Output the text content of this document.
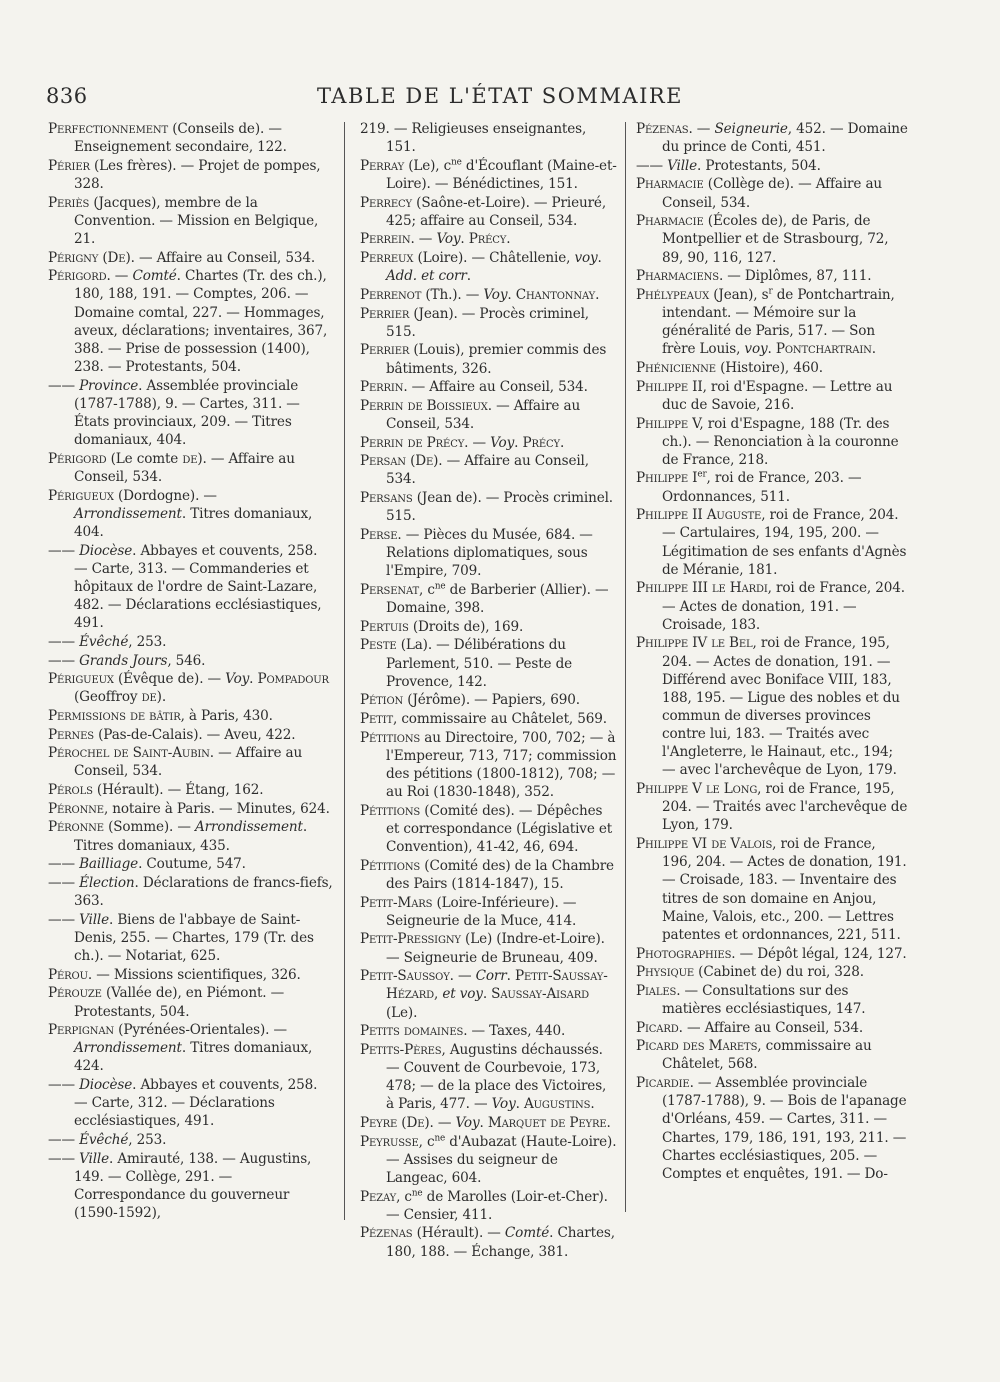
836	TABLE DE L'ÉTAT SOMMAIRE

Perfectionnement (Conseils de). — Enseignement secondaire, 122.

Périer (Les frères). — Projet de pompes, 328.

Periès (Jacques), membre de la Convention. — Mission en Belgique, 21.

Périgny (De). — Affaire au Conseil, 534.

Périgord. — Comté. Chartes (Tr. des ch.), 180, 188, 191. — Comptes, 206. — Domaine comtal, 227. — Hommages, aveux, déclarations; inventaires, 367, 388. — Prise de possession (1400), 238. — Protestants, 504.

—— Province. Assemblée provinciale (1787-1788), 9. — Cartes, 311. — États provinciaux, 209. — Titres domaniaux, 404.

Périgord (Le comte de). — Affaire au Conseil, 534.

Périgueux (Dordogne). — Arrondissement. Titres domaniaux, 404.

—— Diocèse. Abbayes et couvents, 258. — Carte, 313. — Commanderies et hôpitaux de l'ordre de Saint-Lazare, 482. — Déclarations ecclésiastiques, 491.

—— Évêché, 253.

—— Grands Jours, 546.

Périgueux (Évêque de). — Voy. Pompadour (Geoffroy de).

Permissions de bâtir, à Paris, 430.

Pernes (Pas-de-Calais). — Aveu, 422.

Pérochel de Saint-Aubin. — Affaire au Conseil, 534.

Pérols (Hérault). — Étang, 162.

Péronne, notaire à Paris. — Minutes, 624.

Péronne (Somme). — Arrondissement. Titres domaniaux, 435.

—— Bailliage. Coutume, 547.

—— Élection. Déclarations de francs-fiefs, 363.

—— Ville. Biens de l'abbaye de Saint-Denis, 255. — Chartes, 179 (Tr. des ch.). — Notariat, 625.

Pérou. — Missions scientifiques, 326.

Pérouze (Vallée de), en Piémont. — Protestants, 504.

Perpignan (Pyrénées-Orientales). — Arrondissement. Titres domaniaux, 424.

—— Diocèse. Abbayes et couvents, 258. — Carte, 312. — Déclarations ecclésiastiques, 491.

—— Évêché, 253.

—— Ville. Amirauté, 138. — Augustins, 149. — Collège, 291. — Correspondance du gouverneur (1590-1592),

219. — Religieuses enseignantes, 151.

Perray (Le), $c^{ne}$ d'Écouflant (Maine-et-Loire). — Bénédictines, 151.

Perrecy (Saône-et-Loire). — Prieuré, 425; affaire au Conseil, 534.

Perrein. — Voy. Précy.

Perreux (Loire). — Châtellenie, voy. Add. et corr.

Perrenot (Th.). — Voy. Chantonnay.

Perrier (Jean). — Procès criminel, 515.

Perrier (Louis), premier commis des bâtiments, 326.

Perrin. — Affaire au Conseil, 534.

Perrin de Boissieux. — Affaire au Conseil, 534.

Perrin de Précy. — Voy. Précy.

Persan (De). — Affaire au Conseil, 534.

Persans (Jean de). — Procès criminel. 515.

Perse. — Pièces du Musée, 684. — Relations diplomatiques, sous l'Empire, 709.

Persenat, $c^{ne}$ de Barberier (Allier). — Domaine, 398.

Pertuis (Droits de), 169.

Peste (La). — Délibérations du Parlement, 510. — Peste de Provence, 142.

Pétion (Jérôme). — Papiers, 690.

Petit, commissaire au Châtelet, 569.

Pétitions au Directoire, 700, 702; — à l'Empereur, 713, 717; commission des pétitions (1800-1812), 708; — au Roi (1830-1848), 352.

Pétitions (Comité des). — Dépêches et correspondance (Législative et Convention), 41-42, 46, 694.

Pétitions (Comité des) de la Chambre des Pairs (1814-1847), 15.

Petit-Mars (Loire-Inférieure). — Seigneurie de la Muce, 414.

Petit-Pressigny (Le) (Indre-et-Loire). — Seigneurie de Bruneau, 409.

Petit-Saussoy. — Corr. Petit-Saussay-Hézard, et voy. Saussay-Aisard (Le).

Petits domaines. — Taxes, 440.

Petits-Pères, Augustins déchaussés. — Couvent de Courbevoie, 173, 478; — de la place des Victoires, à Paris, 477. — Voy. Augustins.

Peyre (De). — Voy. Marquet de Peyre.

Peyrusse, $c^{ne}$ d'Aubazat (Haute-Loire). — Assises du seigneur de Langeac, 604.

Pezay, $c^{ne}$ de Marolles (Loir-et-Cher). — Censier, 411.

Pézenas (Hérault). — Comté. Chartes, 180, 188. — Échange, 381.

Pézenas. — Seigneurie, 452. — Domaine du prince de Conti, 451.

—— Ville. Protestants, 504.

Pharmacie (Collège de). — Affaire au Conseil, 534.

Pharmacie (Écoles de), de Paris, de Montpellier et de Strasbourg, 72, 89, 90, 116, 127.

Pharmaciens. — Diplômes, 87, 111.

Phélypeaux (Jean), $s^r$ de Pontchartrain, intendant. — Mémoire sur la généralité de Paris, 517. — Son frère Louis, voy. Pontchartrain.

Phénicienne (Histoire), 460.

Philippe II, roi d'Espagne. — Lettre au duc de Savoie, 216.

Philippe V, roi d'Espagne, 188 (Tr. des ch.). — Renonciation à la couronne de France, 218.

Philippe Ier, roi de France, 203. — Ordonnances, 511.

Philippe II Auguste, roi de France, 204. — Cartulaires, 194, 195, 200. — Légitimation de ses enfants d'Agnès de Méranie, 181.

Philippe III le Hardi, roi de France, 204. — Actes de donation, 191. — Croisade, 183.

Philippe IV le Bel, roi de France, 195, 204. — Actes de donation, 191. — Différend avec Boniface VIII, 183, 188, 195. — Ligue des nobles et du commun de diverses provinces contre lui, 183. — Traités avec l'Angleterre, le Hainaut, etc., 194; — avec l'archevêque de Lyon, 179.

Philippe V le Long, roi de France, 195, 204. — Traités avec l'archevêque de Lyon, 179.

Philippe VI de Valois, roi de France, 196, 204. — Actes de donation, 191. — Croisade, 183. — Inventaire des titres de son domaine en Anjou, Maine, Valois, etc., 200. — Lettres patentes et ordonnances, 221, 511.

Photographies. — Dépôt légal, 124, 127.

Physique (Cabinet de) du roi, 328.

Piales. — Consultations sur des matières ecclésiastiques, 147.

Picard. — Affaire au Conseil, 534.

Picard des Marets, commissaire au Châtelet, 568.

Picardie. — Assemblée provinciale (1787-1788), 9. — Bois de l'apanage d'Orléans, 459. — Cartes, 311. — Chartes, 179, 186, 191, 193, 211. — Chartes ecclésiastiques, 205. — Comptes et enquêtes, 191. — Do-
